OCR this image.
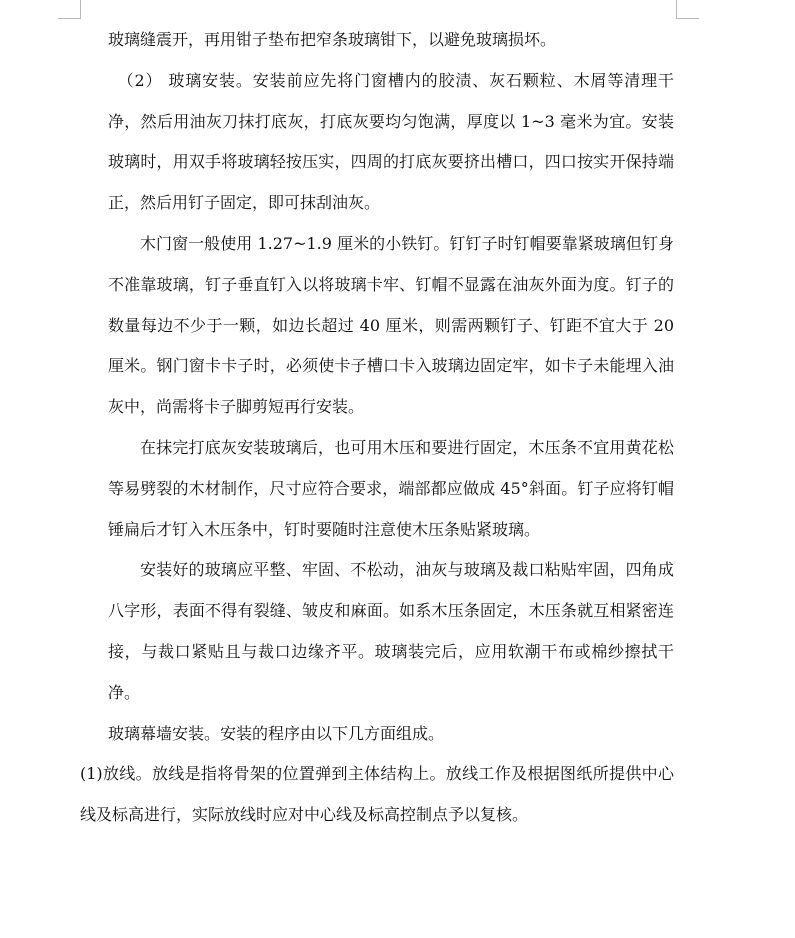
玻璃缝震开，再用钳子垫布把窄条玻璃钳下，以避免玻璃损坏。

（2） 玻璃安装。安装前应先将门窗槽内的胶渍、灰石颗粒、木屑等清理干净，然后用油灰刀抹打底灰，打底灰要均匀饱满，厚度以 1~3 毫米为宜。安装玻璃时，用双手将玻璃轻按压实，四周的打底灰要挤出槽口，四口按实开保持端正，然后用钉子固定，即可抹刮油灰。

木门窗一般使用 1.27~1.9 厘米的小铁钉。钉钉子时钉帽要靠紧玻璃但钉身不准靠玻璃，钉子垂直钉入以将玻璃卡牢、钉帽不显露在油灰外面为度。钉子的数量每边不少于一颗，如边长超过 40 厘米，则需两颗钉子、钉距不宜大于 20 厘米。钢门窗卡卡子时，必须使卡子槽口卡入玻璃边固定牢，如卡子未能埋入油灰中，尚需将卡子脚剪短再行安装。

在抹完打底灰安装玻璃后，也可用木压和要进行固定，木压条不宜用黄花松等易劈裂的木材制作，尺寸应符合要求，端部都应做成 45°斜面。钉子应将钉帽锤扁后才钉入木压条中，钉时要随时注意使木压条贴紧玻璃。

安装好的玻璃应平整、牢固、不松动，油灰与玻璃及裁口粘贴牢固，四角成八字形，表面不得有裂缝、皱皮和麻面。如系木压条固定，木压条就互相紧密连接，与裁口紧贴且与裁口边缘齐平。玻璃装完后，应用软潮干布或棉纱擦拭干净。

玻璃幕墙安装。安装的程序由以下几方面组成。

(1)放线。放线是指将骨架的位置弹到主体结构上。放线工作及根据图纸所提供中心线及标高进行，实际放线时应对中心线及标高控制点予以复核。
